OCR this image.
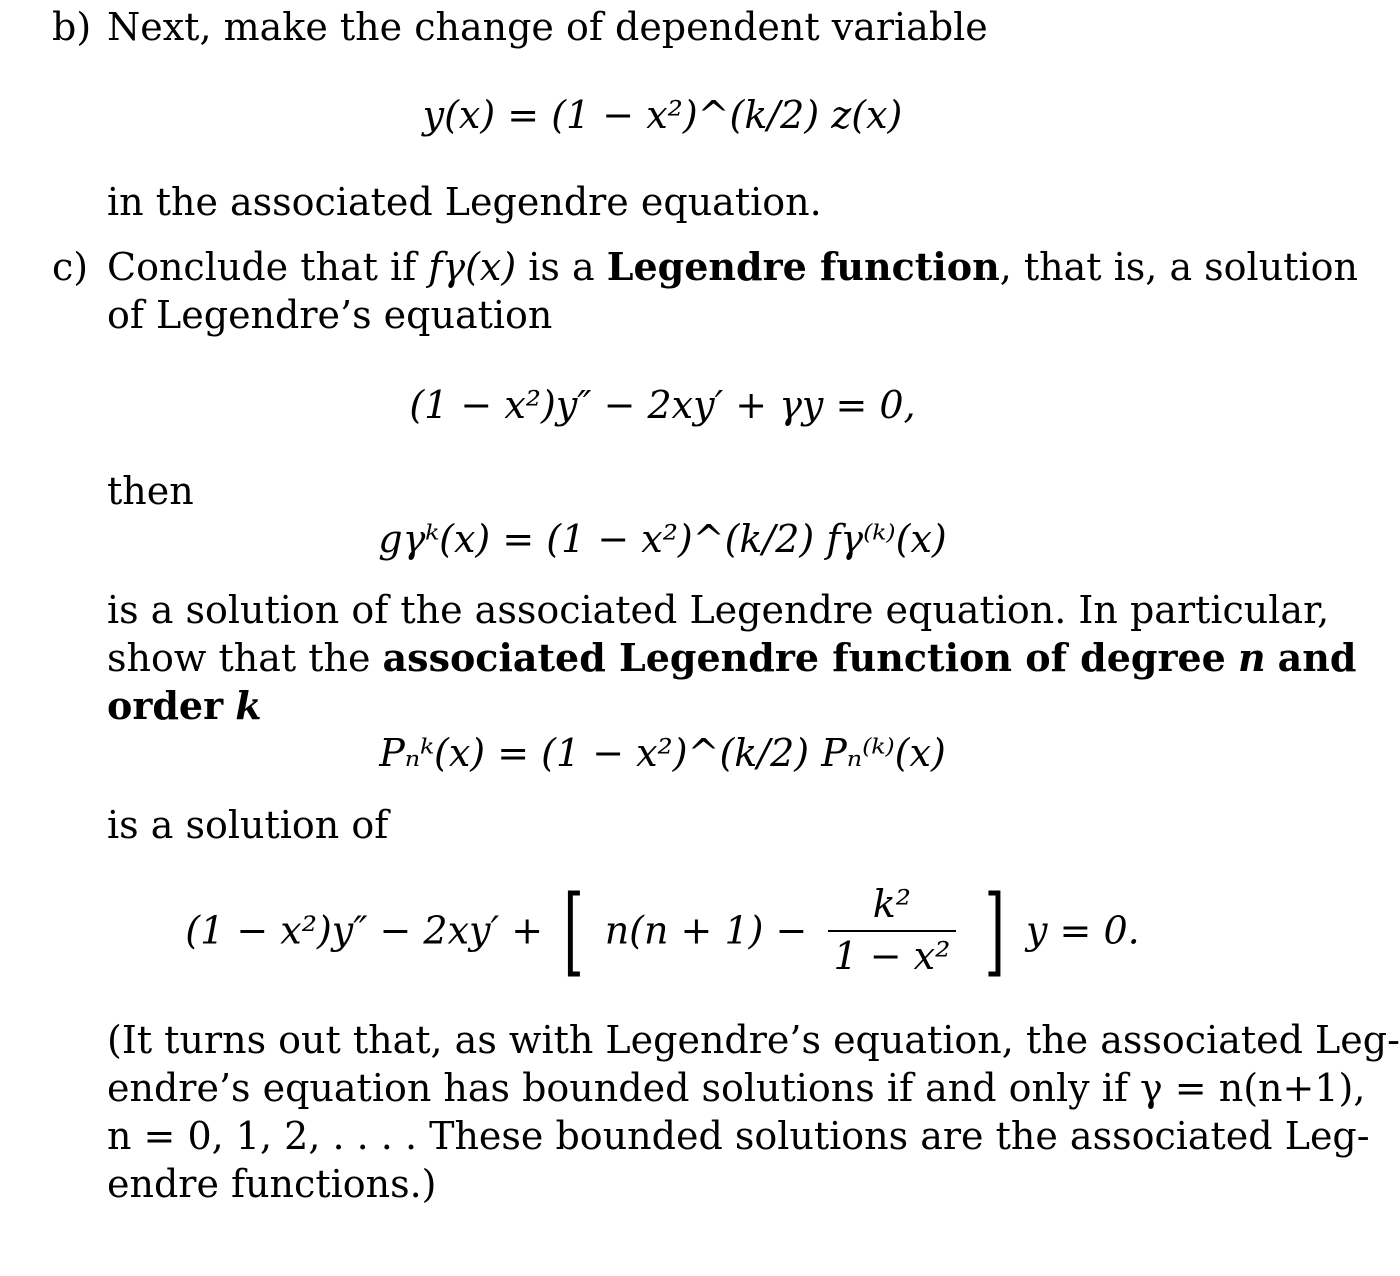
b) Next, make the change of dependent variable
y(x) = (1 − x²)^(k/2) z(x)
in the associated Legendre equation.
c) Conclude that if fγ(x) is a Legendre function, that is, a solution
of Legendre’s equation
(1 − x²)y″ − 2xy′ + γy = 0,
then
gγᵏ(x) = (1 − x²)^(k/2) fγ⁽ᵏ⁾(x)
is a solution of the associated Legendre equation. In particular,
show that the associated Legendre function of degree n and
order k
Pₙᵏ(x) = (1 − x²)^(k/2) Pₙ⁽ᵏ⁾(x)
is a solution of
(1 − x²)y″ − 2xy′ + [ $n(n + 1) - \frac{\text{k²}}{\text{1 − x²}}$ ] y = 0.
(It turns out that, as with Legendre’s equation, the associated Leg-
endre’s equation has bounded solutions if and only if γ = n(n+1),
n = 0, 1, 2, . . . . These bounded solutions are the associated Leg-
endre functions.)
